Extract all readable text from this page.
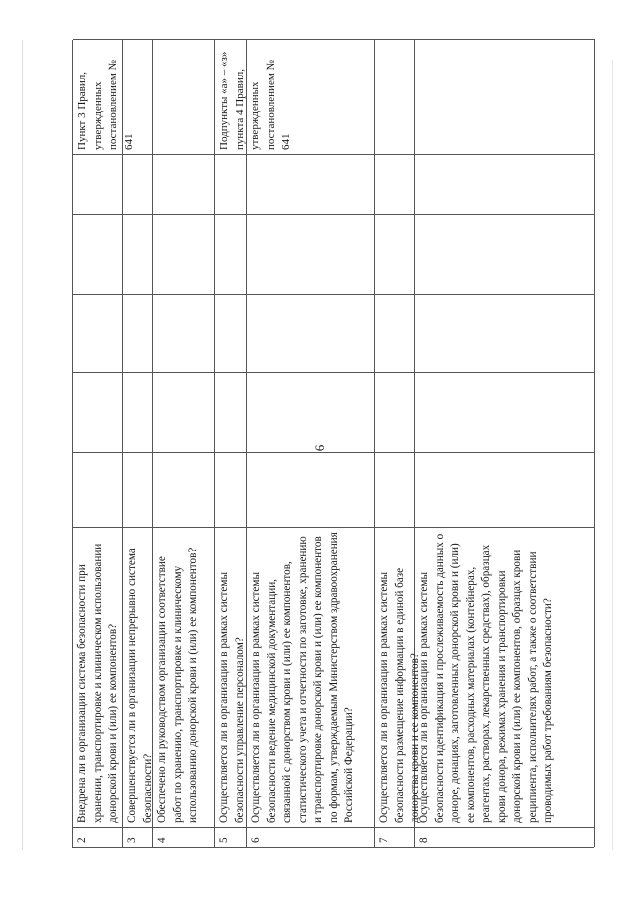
6
2
Внедрена ли в организации система безопасности при хранении, транспортировке и клиническом использовании донорской крови и (или) ее компонентов?
Пункт 3 Правил, утвержденных постановлением № 641
3
Совершенствуется ли в организации непрерывно система безопасности?
4
Обеспечено ли руководством организации соответствие работ по хранению, транспортировке и клиническому использованию донорской крови и (или) ее компонентов?
5
Осуществляется ли в организации в рамках системы безопасности управление персоналом?
Подпункты «а» – «з» пункта 4 Правил, утвержденных постановлением № 641
6
Осуществляется ли в организации в рамках системы безопасности ведение медицинской документации, связанной с донорством крови и (или) ее компонентов, статистического учета и отчетности по заготовке, хранению и транспортировке донорской крови и (или) ее компонентов по формам, утверждаемым Министерством здравоохранения Российской Федерации?
7
Осуществляется ли в организации в рамках системы безопасности размещение информации в единой базе донорства крови и ее компонентов?
8
Осуществляется ли в организации в рамках системы безопасности идентификация и прослеживаемость данных о доноре, донациях, заготовленных донорской крови и (или) ее компонентов, расходных материалах (контейнерах, реагентах, растворах, лекарственных средствах), образцах крови донора, режимах хранения и транспортировки донорской крови и (или) ее компонентов, образцах крови реципиента, исполнителях работ, а также о соответствии проводимых работ требованиям безопасности?
